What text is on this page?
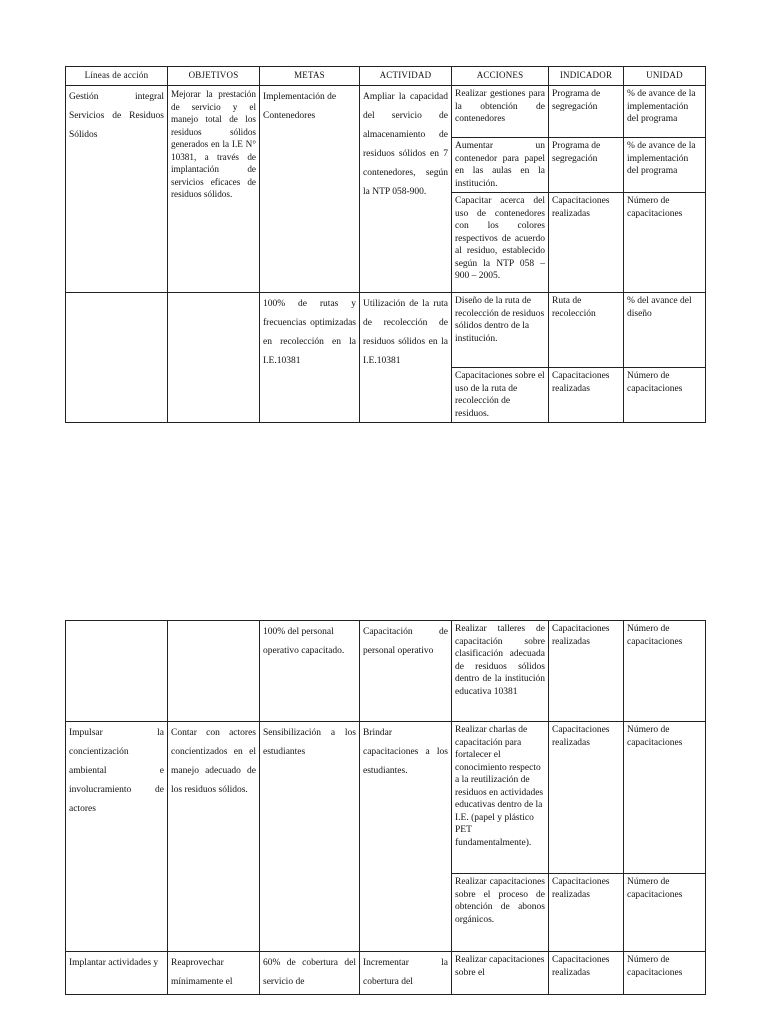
Líneas de acción	OBJETIVOS	METAS	ACTIVIDAD	ACCIONES	INDICADOR	UNIDAD
Gestión integral Servicios de Residuos Sólidos	Mejorar la prestación de servicio y el manejo total de los residuos sólidos generados en la I.E N° 10381, a través de implantación de servicios eficaces de residuos sólidos.	Implementación de Contenedores	Ampliar la capacidad del servicio de almacenamiento de residuos sólidos en 7 contenedores, según la NTP 058-900.	Realizar gestiones para la obtención de contenedores	Programa de segregación	% de avance de la implementación del programa
				Aumentar un contenedor para papel en las aulas en la institución.	Programa de segregación	% de avance de la implementación del programa
				Capacitar acerca del uso de contenedores con los colores respectivos de acuerdo al residuo, establecido según la NTP 058 – 900 – 2005.	Capacitaciones realizadas	Número de capacitaciones
		100% de rutas y frecuencias optimizadas en recolección en la I.E.10381	Utilización de la ruta de recolección de residuos sólidos en la I.E.10381	Diseño de la ruta de recolección de residuos sólidos dentro de la institución.	Ruta de recolección	% del avance del diseño
				Capacitaciones sobre el uso de la ruta de recolección de residuos.	Capacitaciones realizadas	Número de capacitaciones
		100% del personal operativo capacitado.	Capacitación de personal operativo	Realizar talleres de capacitación sobre clasificación adecuada de residuos sólidos dentro de la institución educativa 10381	Capacitaciones realizadas	Número de capacitaciones
Impulsar la concientización ambiental e involucramiento de actores	Contar con actores concientizados en el manejo adecuado de los residuos sólidos.	Sensibilización a los estudiantes	Brindar capacitaciones a los estudiantes.	Realizar charlas de capacitación para fortalecer el conocimiento respecto a la reutilización de residuos en actividades educativas dentro de la I.E. (papel y plástico PET fundamentalmente).	Capacitaciones realizadas	Número de capacitaciones
				Realizar capacitaciones sobre el proceso de obtención de abonos orgánicos.	Capacitaciones realizadas	Número de capacitaciones
Implantar actividades y	Reaprovechar mínimamente el	60% de cobertura del servicio de	Incrementar la cobertura del	Realizar capacitaciones sobre el	Capacitaciones realizadas	Número de capacitaciones
